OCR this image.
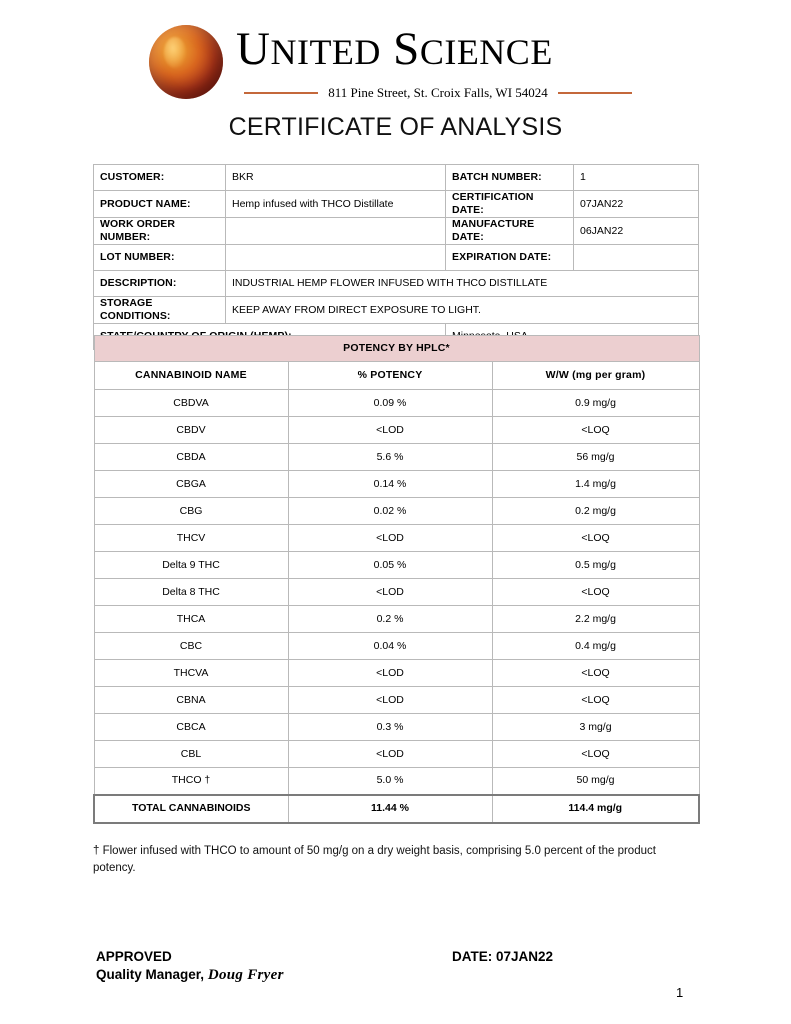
UNITED SCIENCE
811 Pine Street, St. Croix Falls, WI 54024
CERTIFICATE OF ANALYSIS
CUSTOMER:	BKR	BATCH NUMBER:	1
PRODUCT NAME:	Hemp infused with THCO Distillate	CERTIFICATION DATE:	07JAN22
WORK ORDER NUMBER:		MANUFACTURE DATE:	06JAN22
LOT NUMBER:		EXPIRATION DATE:	
DESCRIPTION:	INDUSTRIAL HEMP FLOWER INFUSED WITH THCO DISTILLATE		
STORAGE CONDITIONS:	KEEP AWAY FROM DIRECT EXPOSURE TO LIGHT.		

POTENCY BY HPLC*		
CANNABINOID NAME	% POTENCY	W/W (mg per gram)
CBDVA	0.09 %	0.9 mg/g
CBDV	<LOD	<LOQ
CBDA	5.6 %	56 mg/g
CBGA	0.14 %	1.4 mg/g
CBG	0.02 %	0.2 mg/g
THCV	<LOD	<LOQ
Delta 9 THC	0.05 %	0.5 mg/g
Delta 8 THC	<LOD	<LOQ
THCA	0.2 %	2.2 mg/g
CBC	0.04 %	0.4 mg/g
THCVA	<LOD	<LOQ
CBNA	<LOD	<LOQ
CBCA	0.3 %	3 mg/g
CBL	<LOD	<LOQ
THCO †	5.0 %	50 mg/g
TOTAL CANNABINOIDS	11.44 %	114.4 mg/g
† Flower infused with THCO to amount of 50 mg/g on a dry weight basis, comprising 5.0 percent of the product potency.
APPROVED
Quality Manager, Doug Fryer
DATE: 07JAN22
1
